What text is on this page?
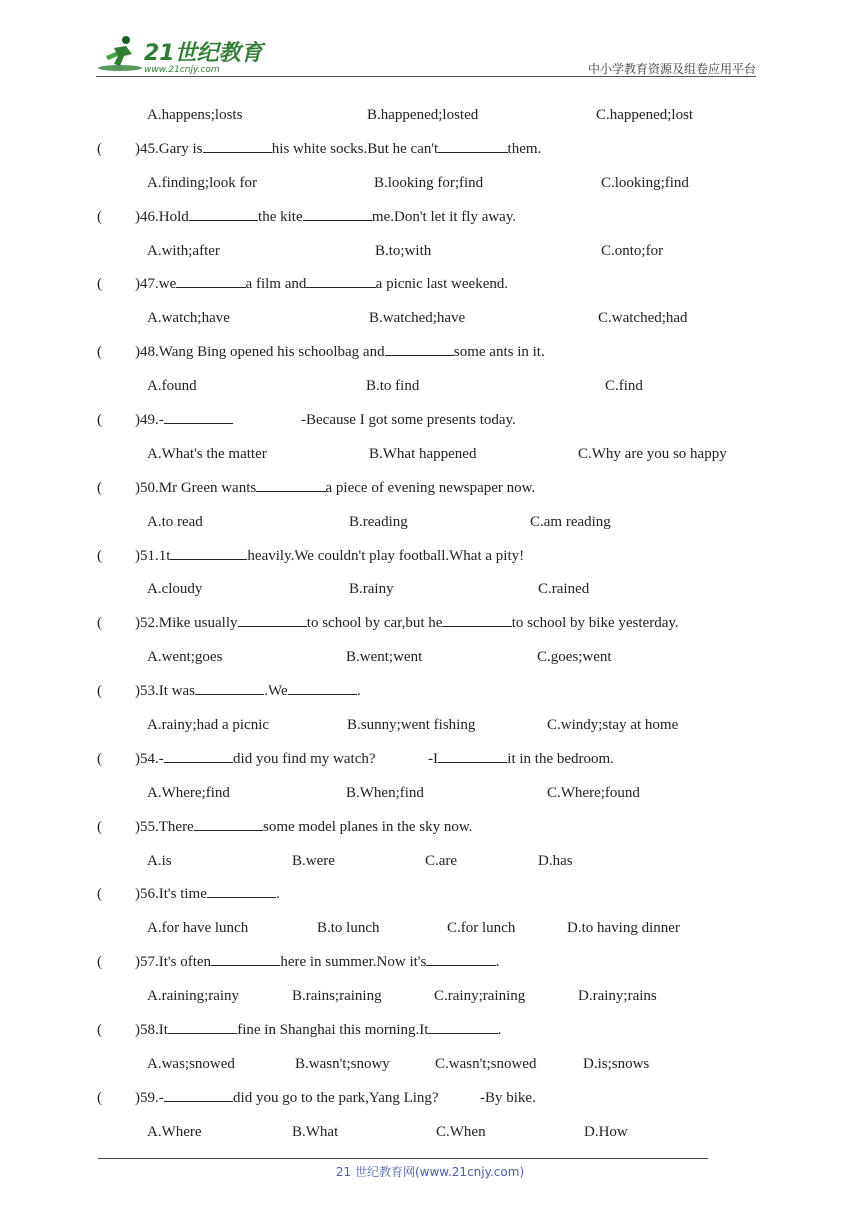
21世纪教育
www.21cnjy.com	中小学教育资源及组卷应用平台
A.happens;losts	B.happened;losted	C.happened;lost
( )45.Gary is	his white socks.But he can't	them.
A.finding;look for	B.looking for;find	C.looking;find
( )46.Hold	the kite	me.Don't let it fly away.
A.with;after	B.to;with	C.onto;for
( )47.we	a film and	a picnic last weekend.
A.watch;have	B.watched;have	C.watched;had
( )48.Wang Bing opened his schoolbag and	some ants in it.
A.found	B.to find	C.find
( )49.-	-Because I got some presents today.
A.What's the matter	B.What happened	C.Why are you so happy
( )50.Mr Green wants	a piece of evening newspaper now.
A.to read	B.reading	C.am reading
( )51.1t	heavily.We couldn't play football.What a pity!
A.cloudy	B.rainy	C.rained
( )52.Mike usually	to school by car,but he	to school by bike yesterday.
A.went;goes	B.went;went	C.goes;went
( )53.It was	.We	.
A.rainy;had a picnic	B.sunny;went fishing	C.windy;stay at home
( )54.-	did you find my watch?	-I	it in the bedroom.
A.Where;find	B.When;find	C.Where;found
( )55.There	some model planes in the sky now.
A.is	B.were	C.are	D.has
( )56.It's time	.
A.for have lunch	B.to lunch	C.for lunch	D.to having dinner
( )57.It's often	here in summer.Now it's	.
A.raining;rainy	B.rains;raining	C.rainy;raining	D.rainy;rains
( )58.It	fine in Shanghai this morning.It	.
A.was;snowed	B.wasn't;snowy	C.wasn't;snowed	D.is;snows
( )59.-	did you go to the park,Yang Ling?	-By bike.
A.Where	B.What	C.When	D.How
21 世纪教育网(www.21cnjy.com)
